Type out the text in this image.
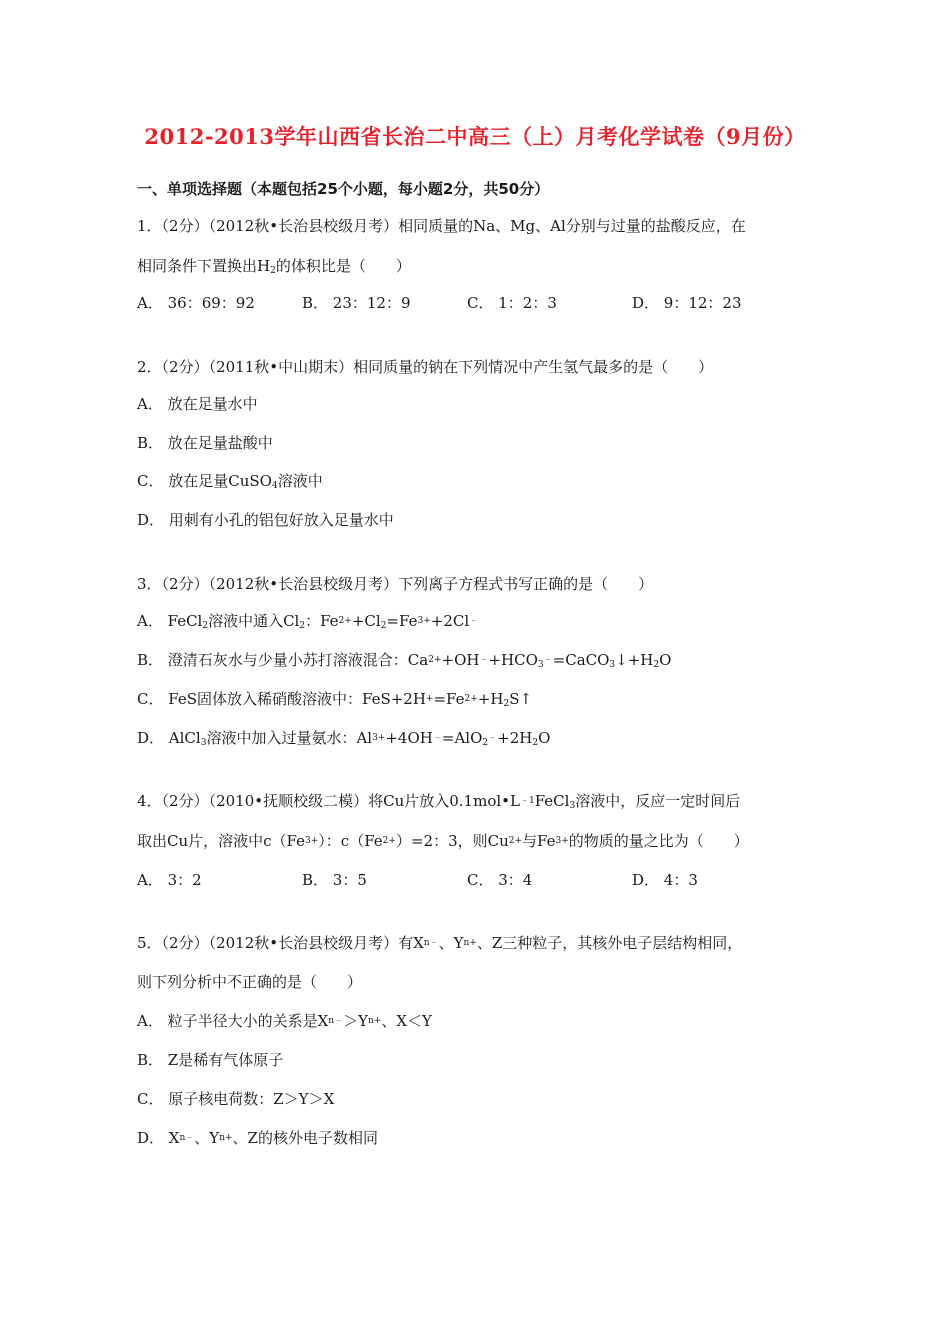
2012-2013学年山西省长治二中高三（上）月考化学试卷（9月份）
一、单项选择题（本题包括25个小题，每小题2分，共50分）
1．（2分）（2012秋•长治县校级月考）相同质量的Na、Mg、Al分别与过量的盐酸反应，在
相同条件下置换出$H_2$的体积比是（　　）
A． 36：69：92	B． 23：12：9	C． 1：2：3	D． 9：12：23
2．（2分）（2011秋•中山期末）相同质量的钠在下列情况中产生氢气最多的是（　　）
A． 放在足量水中
B． 放在足量盐酸中
C． 放在足量CuSO$_4$溶液中
D． 用刺有小孔的铝包好放入足量水中
3．（2分）（2012秋•长治县校级月考）下列离子方程式书写正确的是（　　）
A． FeCl$_2$溶液中通入$Cl_2$：$Fe^{2+}+Cl_2=Fe^{3+}+2Cl^﹣$
B． 澄清石灰水与少量小苏打溶液混合：$Ca^{2+}+OH^﹣+HCO_3^﹣=CaCO_3↓+H_2O$
C． FeS固体放入稀硝酸溶液中：$FeS+2H^+=Fe^{2+}+H_2S↑$
D． AlCl$_3$溶液中加入过量氨水：$Al^{3+}+4OH^﹣=AlO_2^﹣+2H_2O$
4．（2分）（2010•抚顺校级二模）将Cu片放入$0.1mol•L^{﹣1}FeCl_3$溶液中，反应一定时间后
取出Cu片，溶液中$c(Fe^{3+})$：$c(Fe^{2+})=2$：3，则$Cu^{2+}$与$Fe^{3+}$的物质的量之比为（　　）
A． 3：2	B． 3：5	C． 3：4	D． 4：3
5．（2分）（2012秋•长治县校级月考）有$X^{n﹣}$、$Y^{n+}$、Z三种粒子，其核外电子层结构相同，
则下列分析中不正确的是（　　）
A． 粒子半径大小的关系是$X^{n﹣}>Y^{n+}$、X＜Y
B． Z是稀有气体原子
C． 原子核电荷数：Z＞Y＞X
D． $X^{n﹣}$、$Y^{n+}$、Z的核外电子数相同
